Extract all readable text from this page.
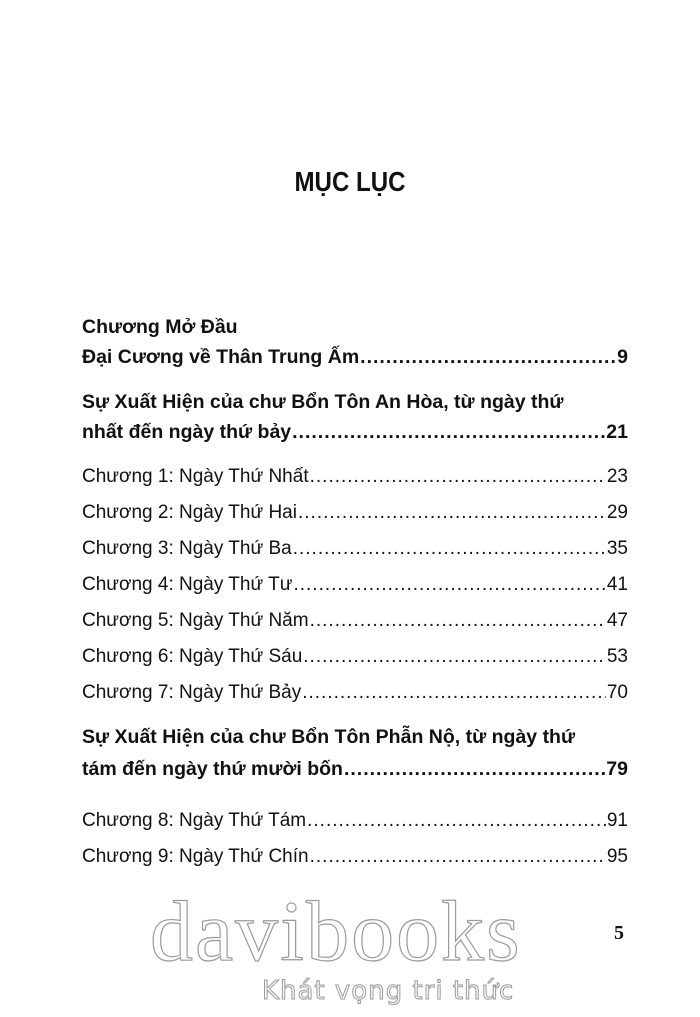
MỤC LỤC
Chương Mở Đầu
Đại Cương về Thân Trung Ấm .....	9
Sự Xuất Hiện của chư Bổn Tôn An Hòa, từ ngày thứ
nhất đến ngày thứ bảy .....	21
Chương 1: Ngày Thứ Nhất .....	23
Chương 2: Ngày Thứ Hai .....	29
Chương 3: Ngày Thứ Ba .....	35
Chương 4: Ngày Thứ Tư .....	41
Chương 5: Ngày Thứ Năm .....	47
Chương 6: Ngày Thứ Sáu .....	53
Chương 7: Ngày Thứ Bảy .....	70
Sự Xuất Hiện của chư Bổn Tôn Phẫn Nộ, từ ngày thứ
tám đến ngày thứ mười bốn .....	79
Chương 8: Ngày Thứ Tám .....	91
Chương 9: Ngày Thứ Chín .....	95
davibooks
Khát vọng tri thức
5
